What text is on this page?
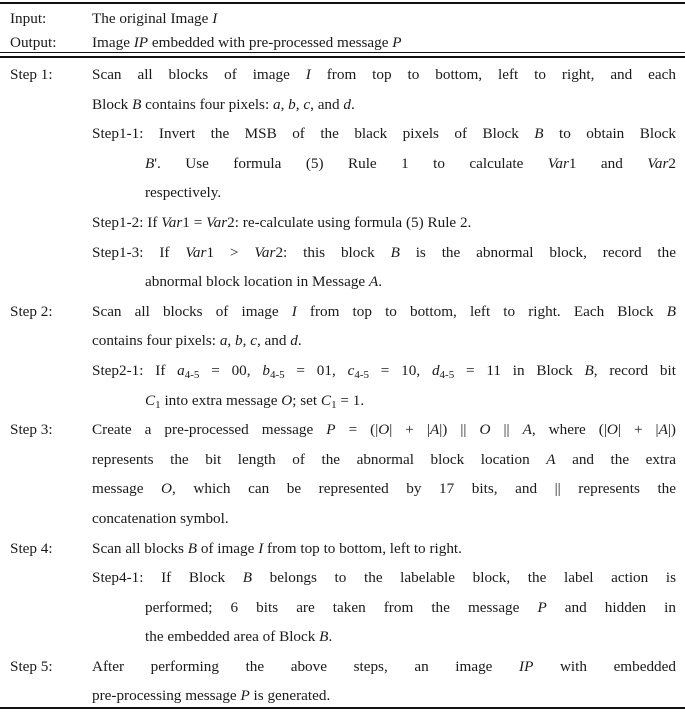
Input:	The original Image I
Output:	Image IP embedded with pre-processed message P
Step 1:	Scan all blocks of image I from top to bottom, left to right, and each
Block B contains four pixels: a, b, c, and d.
Step1-1: Invert the MSB of the black pixels of Block B to obtain Block
B'. Use formula (5) Rule 1 to calculate Var1 and Var2
respectively.
Step1-2: If Var1 = Var2: re-calculate using formula (5) Rule 2.
Step1-3: If Var1 > Var2: this block B is the abnormal block, record the
abnormal block location in Message A.
Step 2:	Scan all blocks of image I from top to bottom, left to right. Each Block B
contains four pixels: a, b, c, and d.
Step2-1: If $a_{4-5} = 00$, $b_{4-5} = 01$, $c_{4-5} = 10$, $d_{4-5} = 11$ in Block B, record bit
$C_1$ into extra message O; set $C_1 = 1$.
Step 3:	Create a pre-processed message P = (|O| + |A|) || O || A, where (|O| + |A|)
represents the bit length of the abnormal block location A and the extra
message O, which can be represented by 17 bits, and || represents the
concatenation symbol.
Step 4:	Scan all blocks B of image I from top to bottom, left to right.
Step4-1: If Block B belongs to the labelable block, the label action is
performed; 6 bits are taken from the message P and hidden in
the embedded area of Block B.
Step 5:	After performing the above steps, an image IP with embedded
pre-processing message P is generated.
